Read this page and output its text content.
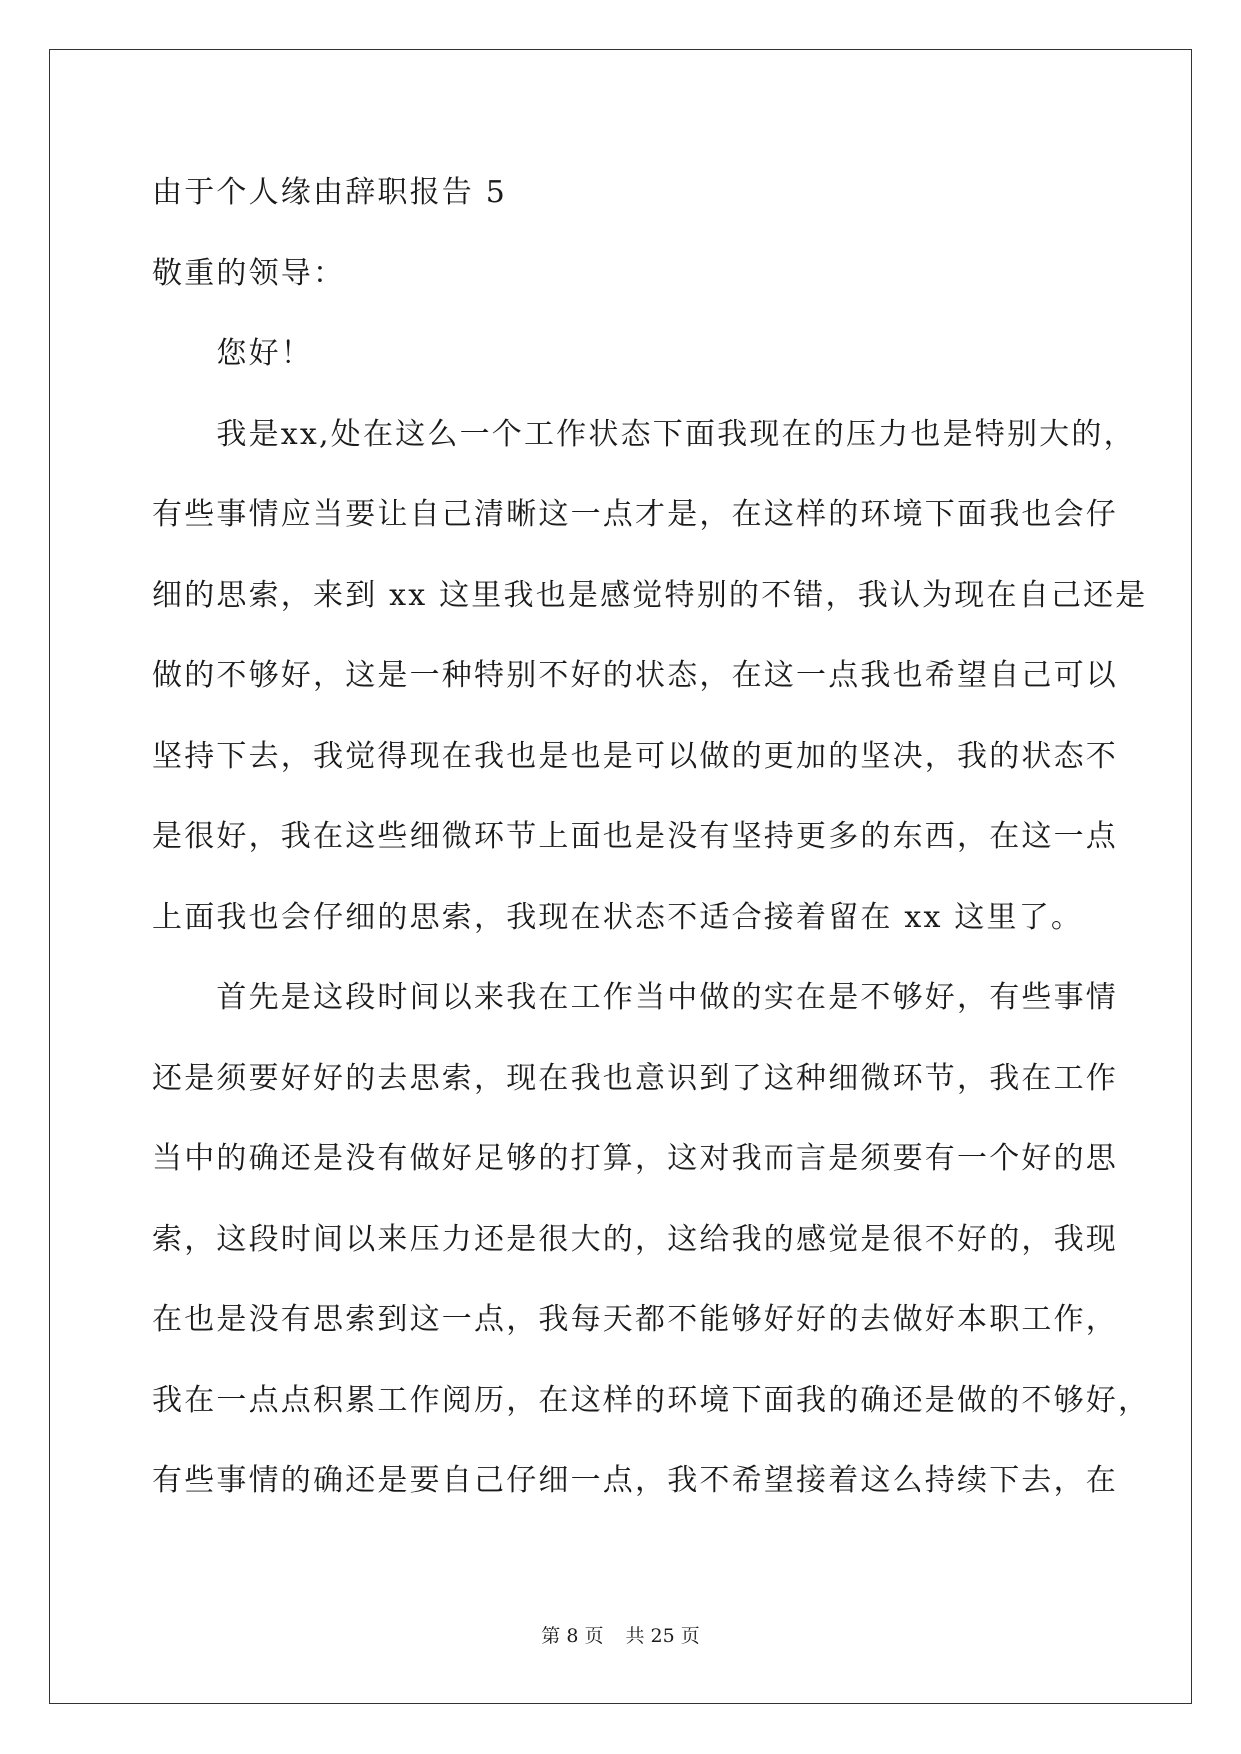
由于个人缘由辞职报告 5
敬重的领导：
　　您好！
　　我是xx,处在这么一个工作状态下面我现在的压力也是特别大的，
有些事情应当要让自己清晰这一点才是，在这样的环境下面我也会仔
细的思索，来到 xx 这里我也是感觉特别的不错，我认为现在自己还是
做的不够好，这是一种特别不好的状态，在这一点我也希望自己可以
坚持下去，我觉得现在我也是也是可以做的更加的坚决，我的状态不
是很好，我在这些细微环节上面也是没有坚持更多的东西，在这一点
上面我也会仔细的思索，我现在状态不适合接着留在 xx 这里了。
　　首先是这段时间以来我在工作当中做的实在是不够好，有些事情
还是须要好好的去思索，现在我也意识到了这种细微环节，我在工作
当中的确还是没有做好足够的打算，这对我而言是须要有一个好的思
索，这段时间以来压力还是很大的，这给我的感觉是很不好的，我现
在也是没有思索到这一点，我每天都不能够好好的去做好本职工作，
我在一点点积累工作阅历，在这样的环境下面我的确还是做的不够好，
有些事情的确还是要自己仔细一点，我不希望接着这么持续下去，在
第 8 页 共 25 页
